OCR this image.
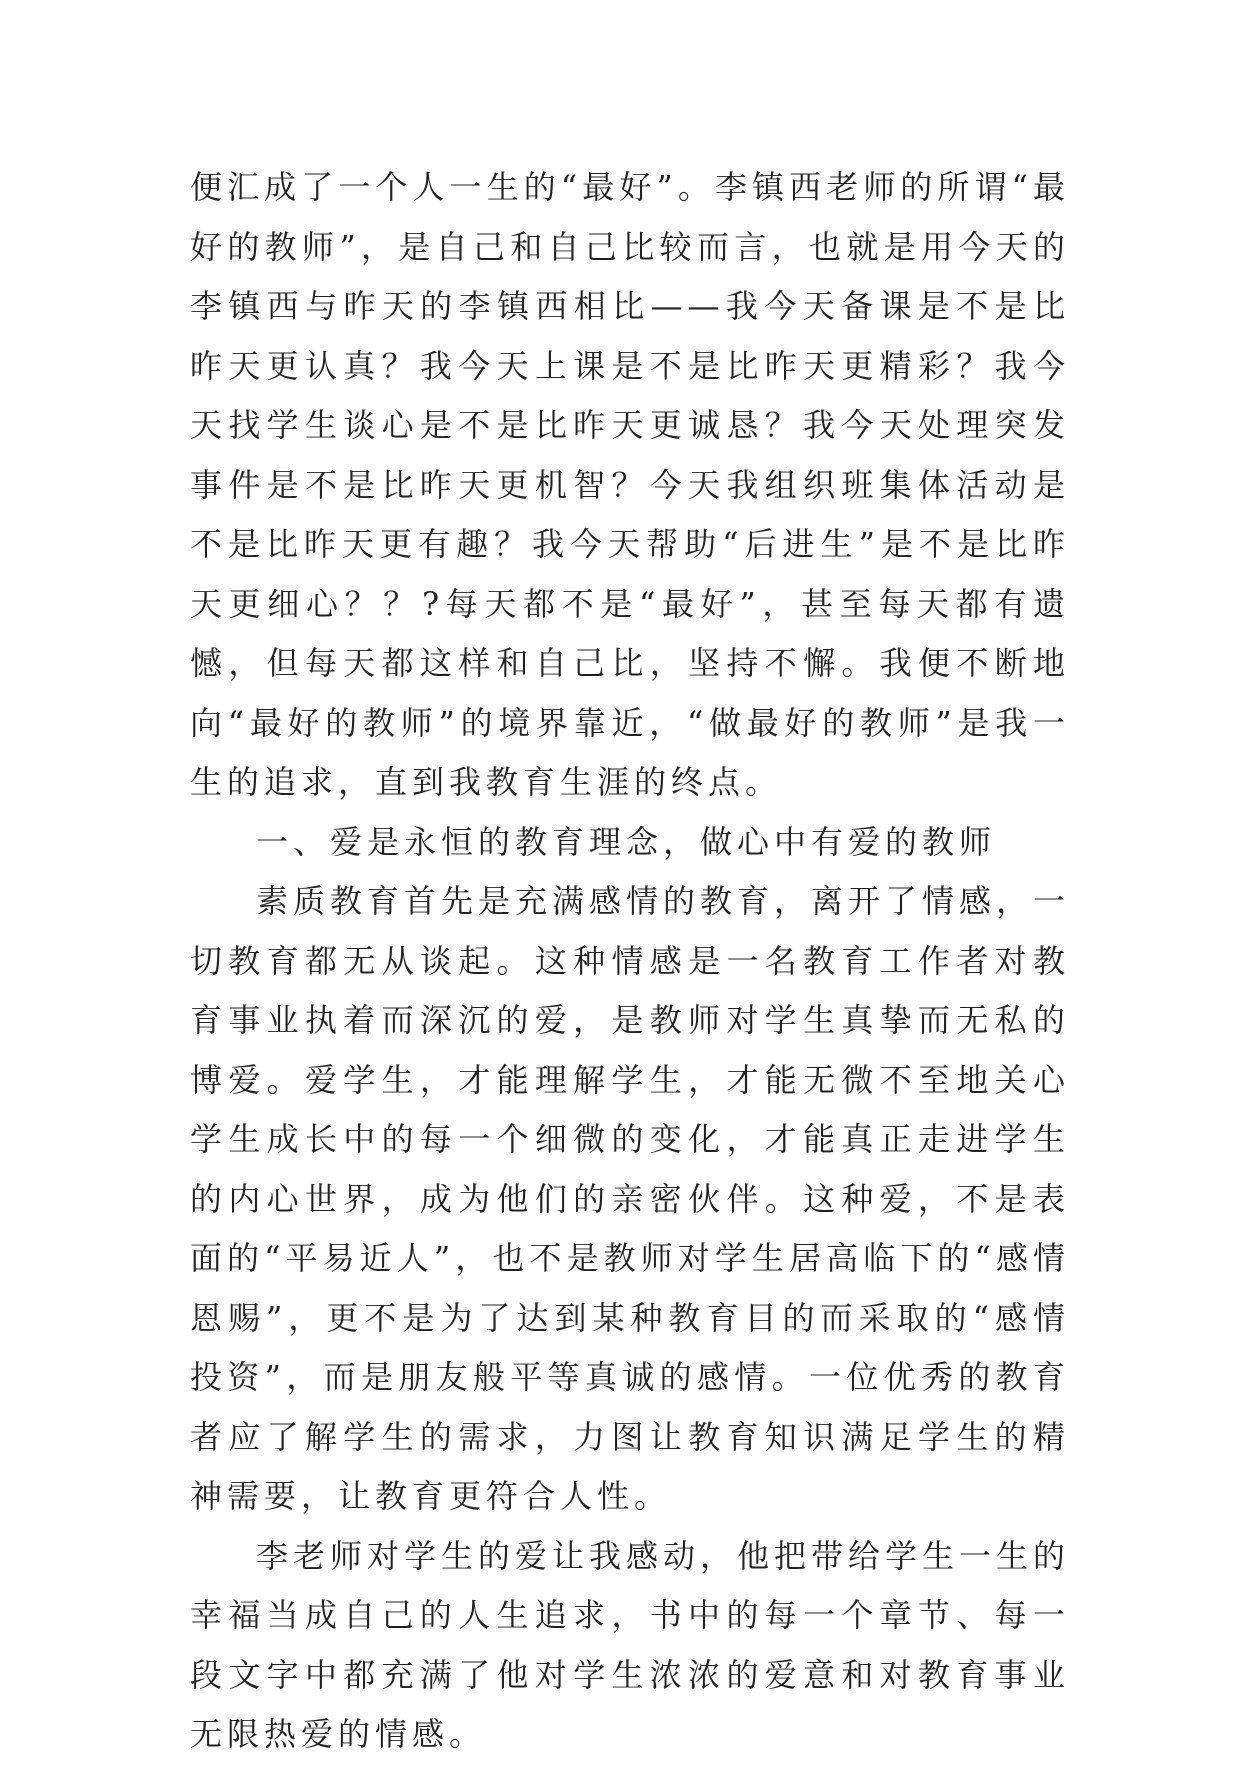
便汇成了一个人一生的“最好”。李镇西老师的所谓“最好的教师”，是自己和自己比较而言，也就是用今天的李镇西与昨天的李镇西相比——我今天备课是不是比昨天更认真？我今天上课是不是比昨天更精彩？我今天找学生谈心是不是比昨天更诚恳？我今天处理突发事件是不是比昨天更机智？今天我组织班集体活动是不是比昨天更有趣？我今天帮助“后进生”是不是比昨天更细心？？?每天都不是“最好”，甚至每天都有遗憾，但每天都这样和自己比，坚持不懈。我便不断地向“最好的教师”的境界靠近，“做最好的教师”是我一生的追求，直到我教育生涯的终点。

一、爱是永恒的教育理念，做心中有爱的教师

素质教育首先是充满感情的教育，离开了情感，一切教育都无从谈起。这种情感是一名教育工作者对教育事业执着而深沉的爱，是教师对学生真挚而无私的博爱。爱学生，才能理解学生，才能无微不至地关心学生成长中的每一个细微的变化，才能真正走进学生的内心世界，成为他们的亲密伙伴。这种爱，不是表面的“平易近人”，也不是教师对学生居高临下的“感情恩赐”，更不是为了达到某种教育目的而采取的“感情投资”，而是朋友般平等真诚的感情。一位优秀的教育者应了解学生的需求，力图让教育知识满足学生的精神需要，让教育更符合人性。

李老师对学生的爱让我感动，他把带给学生一生的幸福当成自己的人生追求，书中的每一个章节、每一段文字中都充满了他对学生浓浓的爱意和对教育事业无限热爱的情感。
